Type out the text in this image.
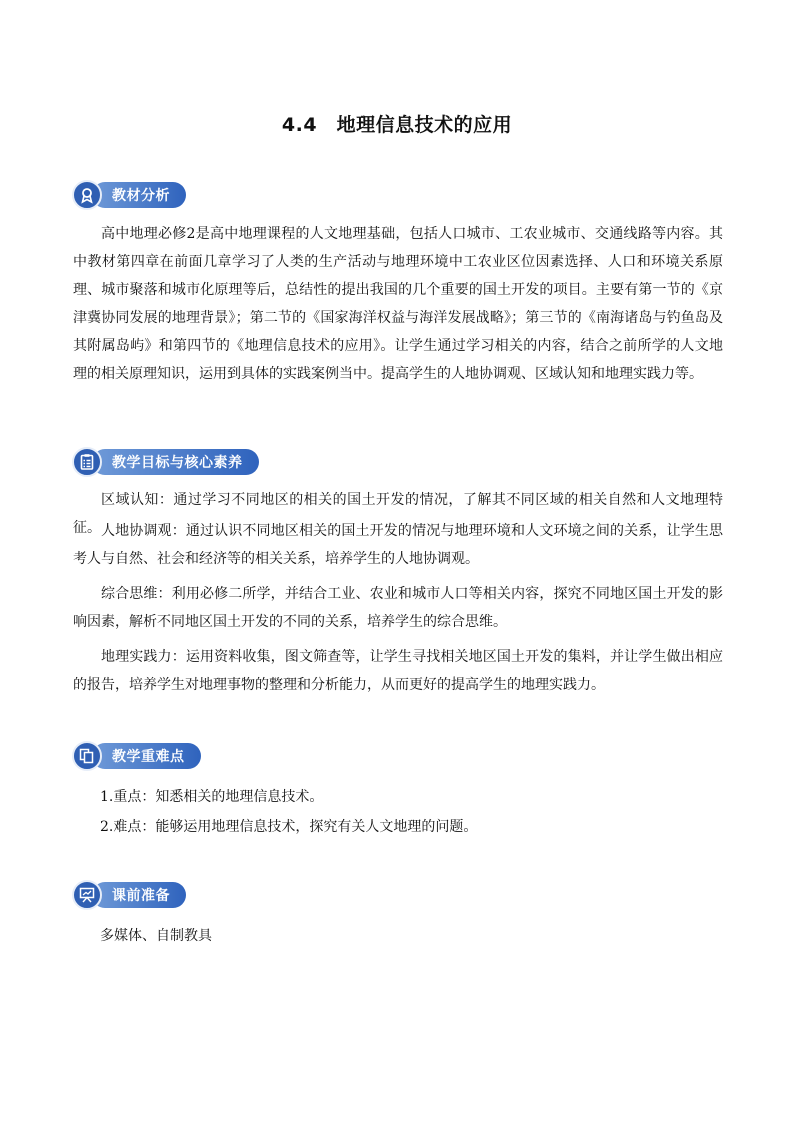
4.4　地理信息技术的应用
教材分析

高中地理必修2是高中地理课程的人文地理基础，包括人口城市、工农业城市、交通线路等内容。其中教材第四章在前面几章学习了人类的生产活动与地理环境中工农业区位因素选择、人口和环境关系原理、城市聚落和城市化原理等后，总结性的提出我国的几个重要的国土开发的项目。主要有第一节的《京津冀协同发展的地理背景》；第二节的《国家海洋权益与海洋发展战略》；第三节的《南海诸岛与钓鱼岛及其附属岛屿》和第四节的《地理信息技术的应用》。让学生通过学习相关的内容，结合之前所学的人文地理的相关原理知识，运用到具体的实践案例当中。提高学生的人地协调观、区域认知和地理实践力等。

教学目标与核心素养

区域认知：通过学习不同地区的相关的国土开发的情况，了解其不同区域的相关自然和人文地理特征。 人地协调观：通过认识不同地区相关的国土开发的情况与地理环境和人文环境之间的关系，让学生思考人与自然、社会和经济等的相关关系，培养学生的人地协调观。

综合思维：利用必修二所学，并结合工业、农业和城市人口等相关内容，探究不同地区国土开发的影响因素，解析不同地区国土开发的不同的关系，培养学生的综合思维。

地理实践力：运用资料收集，图文筛查等，让学生寻找相关地区国土开发的集料，并让学生做出相应的报告，培养学生对地理事物的整理和分析能力，从而更好的提高学生的地理实践力。

教学重难点

1.重点：知悉相关的地理信息技术。

2.难点：能够运用地理信息技术，探究有关人文地理的问题。

课前准备

多媒体、自制教具
